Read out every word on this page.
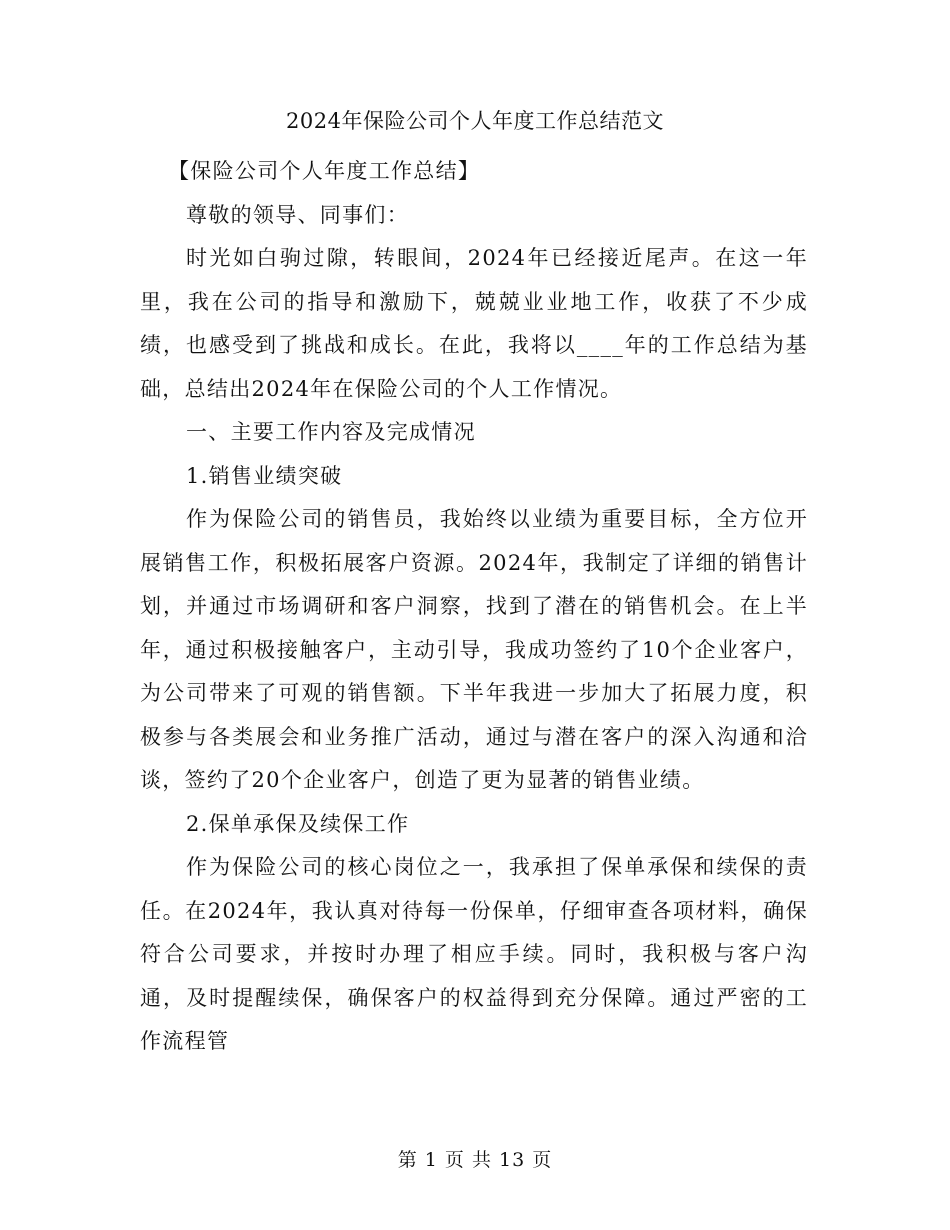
2024年保险公司个人年度工作总结范文

【保险公司个人年度工作总结】

尊敬的领导、同事们：

时光如白驹过隙，转眼间，2024年已经接近尾声。在这一年里，我在公司的指导和激励下，兢兢业业地工作，收获了不少成绩，也感受到了挑战和成长。在此，我将以____年的工作总结为基础，总结出2024年在保险公司的个人工作情况。

一、主要工作内容及完成情况

1.销售业绩突破

作为保险公司的销售员，我始终以业绩为重要目标，全方位开展销售工作，积极拓展客户资源。2024年，我制定了详细的销售计划，并通过市场调研和客户洞察，找到了潜在的销售机会。在上半年，通过积极接触客户，主动引导，我成功签约了10个企业客户，为公司带来了可观的销售额。下半年我进一步加大了拓展力度，积极参与各类展会和业务推广活动，通过与潜在客户的深入沟通和洽谈，签约了20个企业客户，创造了更为显著的销售业绩。

2.保单承保及续保工作

作为保险公司的核心岗位之一，我承担了保单承保和续保的责任。在2024年，我认真对待每一份保单，仔细审查各项材料，确保符合公司要求，并按时办理了相应手续。同时，我积极与客户沟通，及时提醒续保，确保客户的权益得到充分保障。通过严密的工作流程管

第 1 页 共 13 页
